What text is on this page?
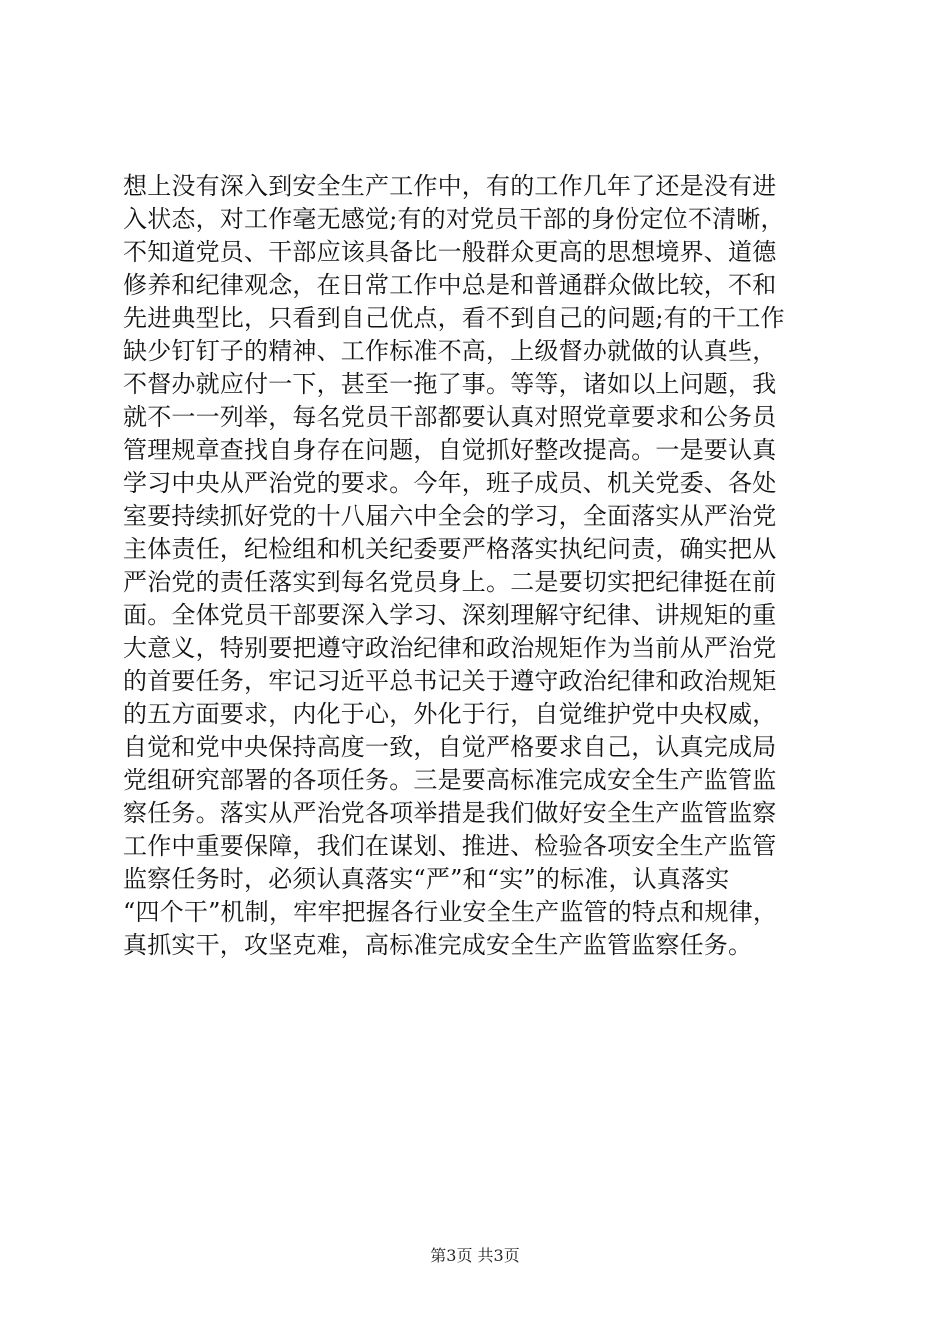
想上没有深入到安全生产工作中，有的工作几年了还是没有进
入状态，对工作毫无感觉;有的对党员干部的身份定位不清晰，
不知道党员、干部应该具备比一般群众更高的思想境界、道德
修养和纪律观念，在日常工作中总是和普通群众做比较，不和
先进典型比，只看到自己优点，看不到自己的问题;有的干工作
缺少钉钉子的精神、工作标准不高，上级督办就做的认真些，
不督办就应付一下，甚至一拖了事。等等，诸如以上问题，我
就不一一列举，每名党员干部都要认真对照党章要求和公务员
管理规章查找自身存在问题，自觉抓好整改提高。一是要认真
学习中央从严治党的要求。今年，班子成员、机关党委、各处
室要持续抓好党的十八届六中全会的学习，全面落实从严治党
主体责任，纪检组和机关纪委要严格落实执纪问责，确实把从
严治党的责任落实到每名党员身上。二是要切实把纪律挺在前
面。全体党员干部要深入学习、深刻理解守纪律、讲规矩的重
大意义，特别要把遵守政治纪律和政治规矩作为当前从严治党
的首要任务，牢记习近平总书记关于遵守政治纪律和政治规矩
的五方面要求，内化于心，外化于行，自觉维护党中央权威，
自觉和党中央保持高度一致，自觉严格要求自己，认真完成局
党组研究部署的各项任务。三是要高标准完成安全生产监管监
察任务。落实从严治党各项举措是我们做好安全生产监管监察
工作中重要保障，我们在谋划、推进、检验各项安全生产监管
监察任务时，必须认真落实“严”和“实”的标准，认真落实
“四个干”机制，牢牢把握各行业安全生产监管的特点和规律，
真抓实干，攻坚克难，高标准完成安全生产监管监察任务。
第3页 共3页
